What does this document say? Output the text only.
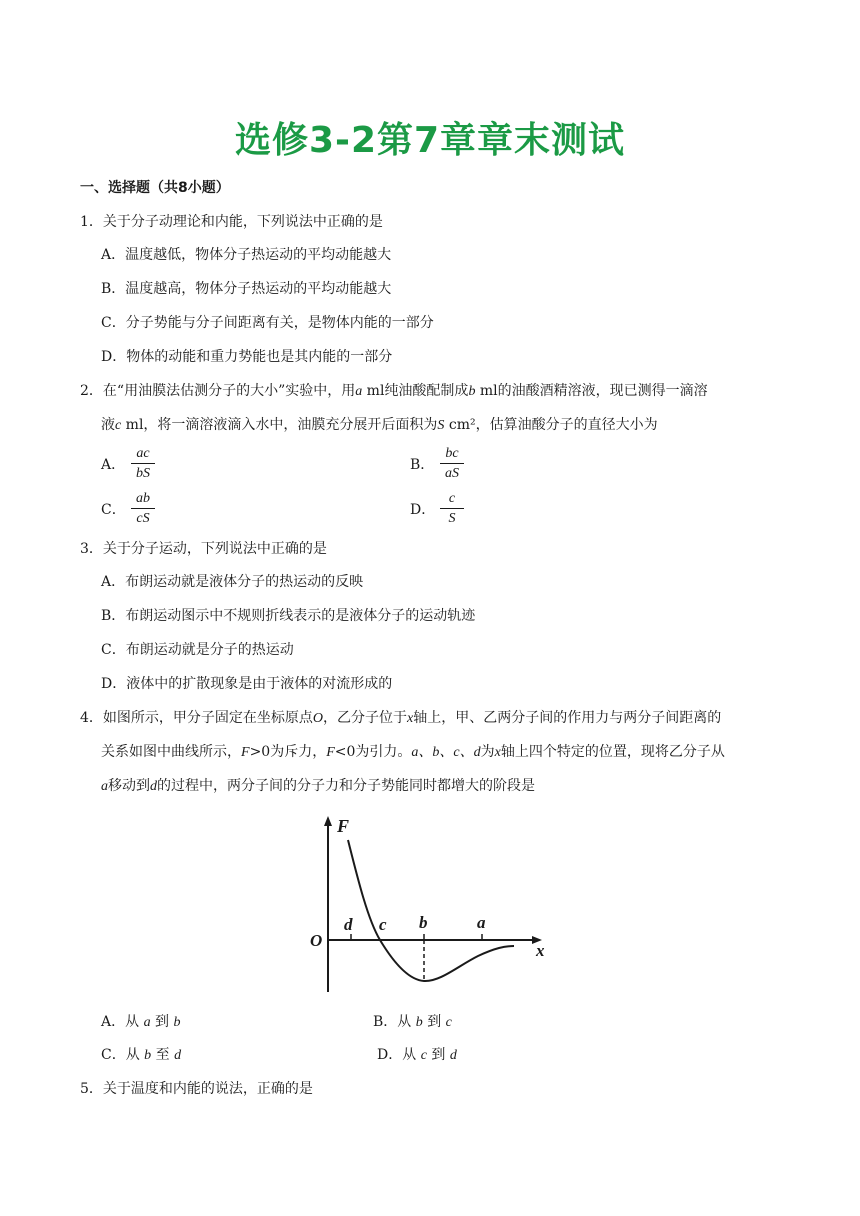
选修3-2第7章章末测试
一、选择题（共8小题）
1．关于分子动理论和内能，下列说法中正确的是
A．温度越低，物体分子热运动的平均动能越大
B．温度越高，物体分子热运动的平均动能越大
C．分子势能与分子间距离有关，是物体内能的一部分
D．物体的动能和重力势能也是其内能的一部分
2．在“用油膜法估测分子的大小”实验中，用a ml纯油酸配制成b ml的油酸酒精溶液，现已测得一滴溶
液c ml，将一滴溶液滴入水中，油膜充分展开后面积为S cm²，估算油酸分子的直径大小为
A．
ac
bS
B．
bc
aS
C．
ab
cS
D．
c
S
3．关于分子运动，下列说法中正确的是
A．布朗运动就是液体分子的热运动的反映
B．布朗运动图示中不规则折线表示的是液体分子的运动轨迹
C．布朗运动就是分子的热运动
D．液体中的扩散现象是由于液体的对流形成的
4．如图所示，甲分子固定在坐标原点O，乙分子位于x轴上，甲、乙两分子间的作用力与两分子间距离的
关系如图中曲线所示，F>0为斥力，F<0为引力。a、b、c、d为x轴上四个特定的位置，现将乙分子从
a移动到d的过程中，两分子间的分子力和分子势能同时都增大的阶段是
F
O
x
d c b	a
A．从 a 到 b	B．从 b 到 c
C．从 b 至 d	D．从 c 到 d
5．关于温度和内能的说法，正确的是
